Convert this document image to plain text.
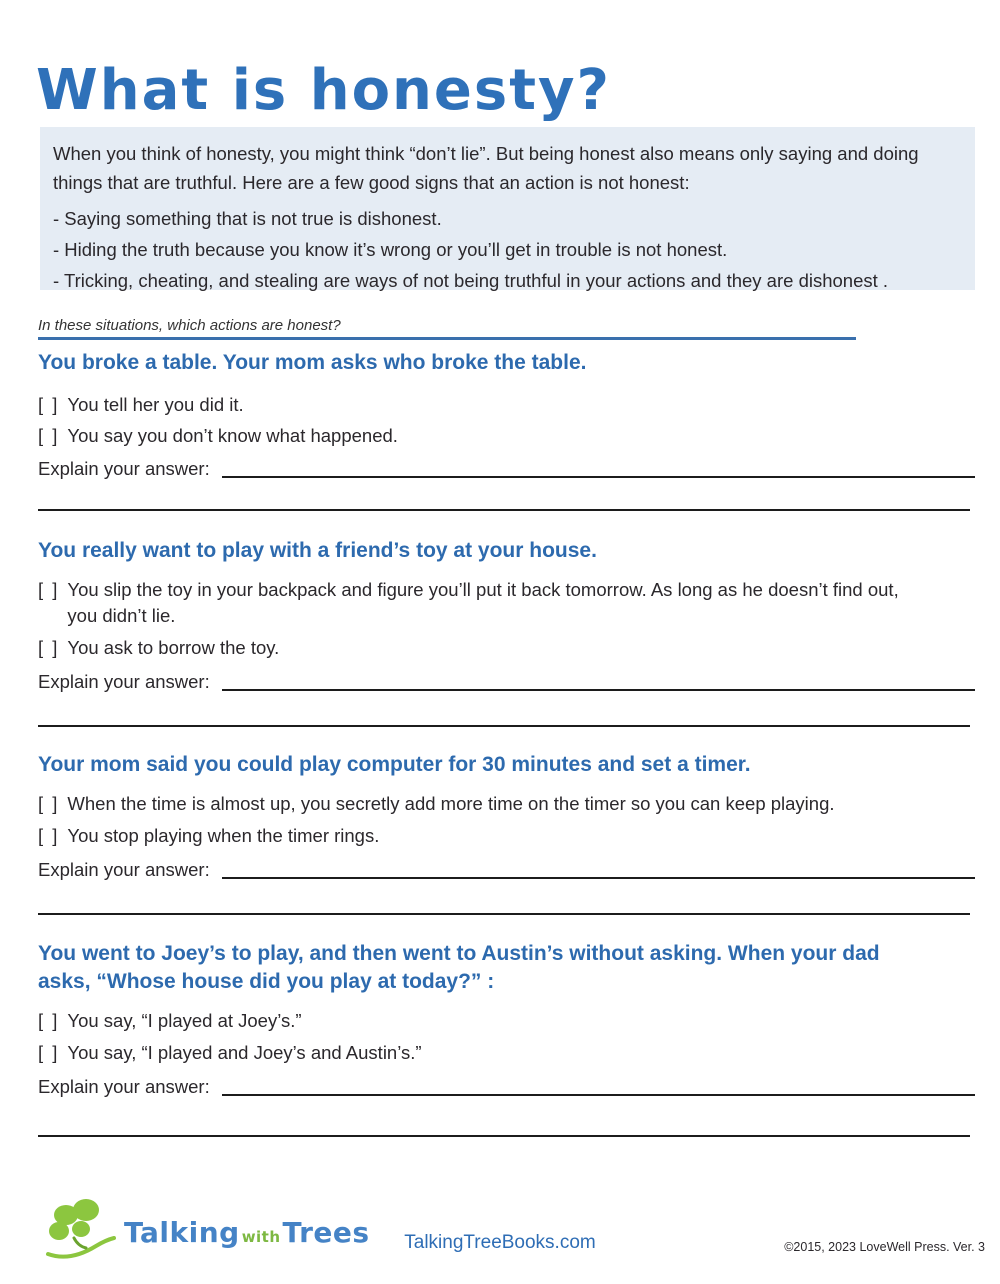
What is honesty?
When you think of honesty, you might think “don’t lie”. But being honest also means only saying and doing things that are truthful. Here are a few good signs that an action is not honest:
- Saying something that is not true is dishonest.
- Hiding the truth because you know it’s wrong or you’ll get in trouble is not honest.
- Tricking, cheating, and stealing are ways of not being truthful in your actions and they are dishonest .
In these situations, which actions are honest?
You broke a table. Your mom asks who broke the table.
[ ] You tell her you did it.
[ ] You say you don’t know what happened.
Explain your answer:
You really want to play with a friend’s toy at your house.
[ ] You slip the toy in your backpack and figure you’ll put it back tomorrow. As long as he doesn’t find out, you didn’t lie.
[ ] You ask to borrow the toy.
Explain your answer:
Your mom said you could play computer for 30 minutes and set a timer.
[ ] When the time is almost up, you secretly add more time on the timer so you can keep playing.
[ ] You stop playing when the timer rings.
Explain your answer:
You went to Joey’s to play, and then went to Austin’s without asking. When your dad asks, “Whose house did you play at today?” :
[ ] You say, “I played at Joey’s.”
[ ] You say, “I played and Joey’s and Austin’s.”
Explain your answer:
Talking with Trees	TalkingTreeBooks.com	©2015, 2023 LoveWell Press. Ver. 3
